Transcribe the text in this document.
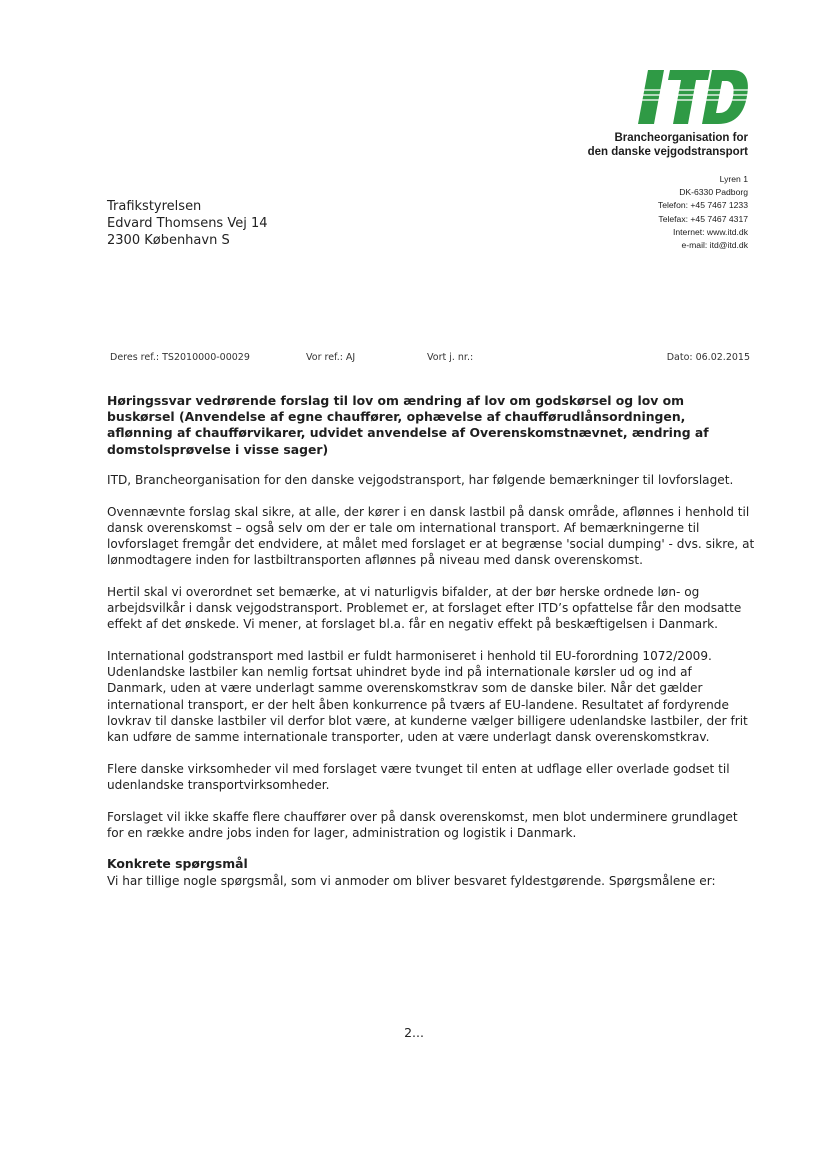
Brancheorganisation for
den danske vejgodstransport
Lyren 1
DK-6330 Padborg
Telefon: +45 7467 1233
Telefax: +45 7467 4317
Internet: www.itd.dk
e-mail: itd@itd.dk
Trafikstyrelsen
Edvard Thomsens Vej 14
2300 København S
Deres ref.: TS2010000-00029	Vor ref.: AJ	Vort j. nr.:	Dato: 06.02.2015

Høringssvar vedrørende forslag til lov om ændring af lov om godskørsel og lov om buskørsel (Anvendelse af egne chauffører, ophævelse af chaufførudlånsordningen, aflønning af chaufførvikarer, udvidet anvendelse af Overenskomstnævnet, ændring af domstolsprøvelse i visse sager)

ITD, Brancheorganisation for den danske vejgodstransport, har følgende bemærkninger til lovforslaget.

Ovennævnte forslag skal sikre, at alle, der kører i en dansk lastbil på dansk område, aflønnes i henhold til dansk overenskomst – også selv om der er tale om international transport. Af bemærkningerne til lovforslaget fremgår det endvidere, at målet med forslaget er at begrænse 'social dumping' - dvs. sikre, at lønmodtagere inden for lastbiltransporten aflønnes på niveau med dansk overenskomst.

Hertil skal vi overordnet set bemærke, at vi naturligvis bifalder, at der bør herske ordnede løn- og arbejdsvilkår i dansk vejgodstransport. Problemet er, at forslaget efter ITD’s opfattelse får den modsatte effekt af det ønskede. Vi mener, at forslaget bl.a. får en negativ effekt på beskæftigelsen i Danmark.

International godstransport med lastbil er fuldt harmoniseret i henhold til EU-forordning 1072/2009. Udenlandske lastbiler kan nemlig fortsat uhindret byde ind på internationale kørsler ud og ind af Danmark, uden at være underlagt samme overenskomstkrav som de danske biler. Når det gælder international transport, er der helt åben konkurrence på tværs af EU-landene. Resultatet af fordyrende lovkrav til danske lastbiler vil derfor blot være, at kunderne vælger billigere udenlandske lastbiler, der frit kan udføre de samme internationale transporter, uden at være underlagt dansk overenskomstkrav.

Flere danske virksomheder vil med forslaget være tvunget til enten at udflage eller overlade godset til udenlandske transportvirksomheder.

Forslaget vil ikke skaffe flere chauffører over på dansk overenskomst, men blot underminere grundlaget for en række andre jobs inden for lager, administration og logistik i Danmark.

Konkrete spørgsmål

Vi har tillige nogle spørgsmål, som vi anmoder om bliver besvaret fyldestgørende. Spørgsmålene er:

2...
